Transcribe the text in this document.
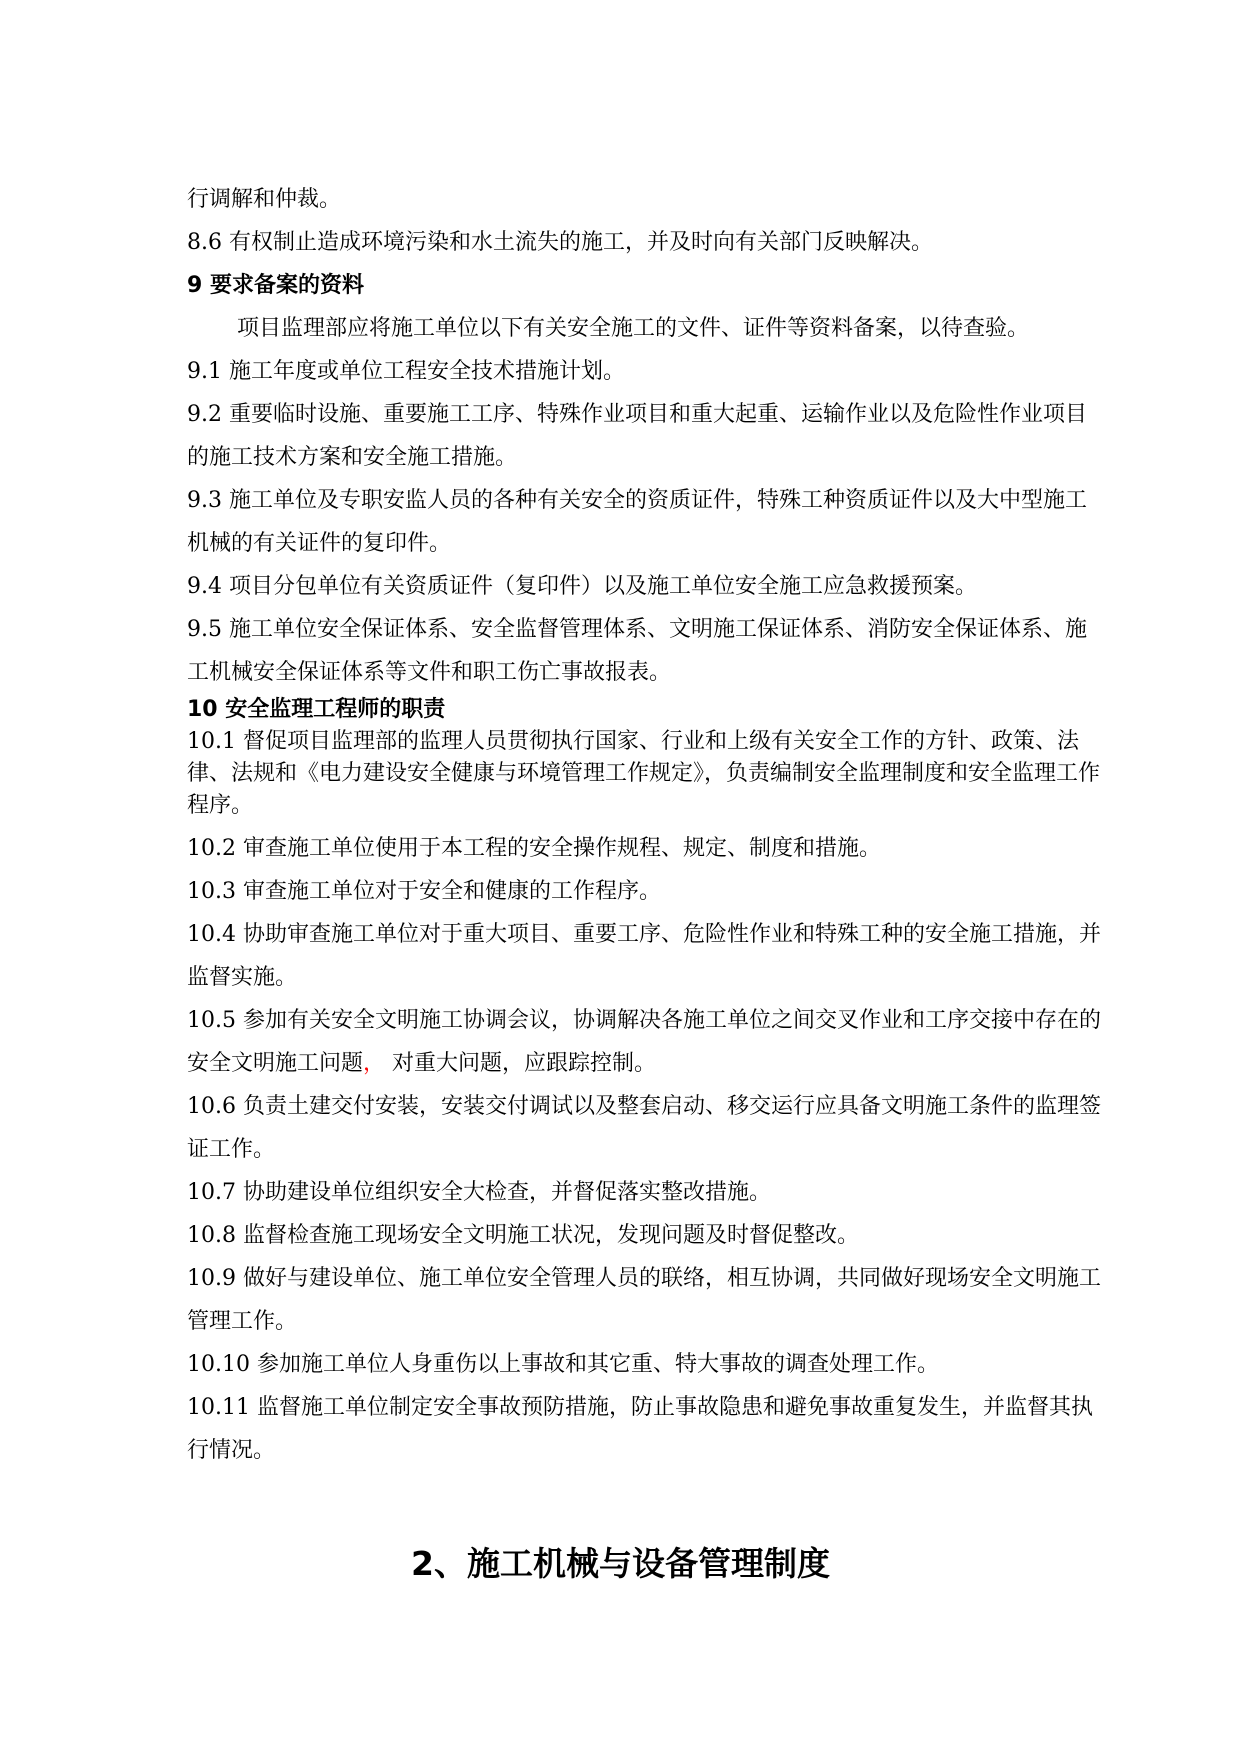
行调解和仲裁。

8.6 有权制止造成环境污染和水土流失的施工，并及时向有关部门反映解决。

9 要求备案的资料

项目监理部应将施工单位以下有关安全施工的文件、证件等资料备案，以待查验。

9.1 施工年度或单位工程安全技术措施计划。

9.2 重要临时设施、重要施工工序、特殊作业项目和重大起重、运输作业以及危险性作业项目的施工技术方案和安全施工措施。

9.3 施工单位及专职安监人员的各种有关安全的资质证件，特殊工种资质证件以及大中型施工机械的有关证件的复印件。

9.4 项目分包单位有关资质证件（复印件）以及施工单位安全施工应急救援预案。

9.5 施工单位安全保证体系、安全监督管理体系、文明施工保证体系、消防安全保证体系、施工机械安全保证体系等文件和职工伤亡事故报表。

10 安全监理工程师的职责

10.1 督促项目监理部的监理人员贯彻执行国家、行业和上级有关安全工作的方针、政策、法律、法规和《电力建设安全健康与环境管理工作规定》，负责编制安全监理制度和安全监理工作程序。

10.2 审查施工单位使用于本工程的安全操作规程、规定、制度和措施。

10.3 审查施工单位对于安全和健康的工作程序。

10.4 协助审查施工单位对于重大项目、重要工序、危险性作业和特殊工种的安全施工措施，并监督实施。

10.5 参加有关安全文明施工协调会议，协调解决各施工单位之间交叉作业和工序交接中存在的安全文明施工问题， 对重大问题，应跟踪控制。

10.6 负责土建交付安装，安装交付调试以及整套启动、移交运行应具备文明施工条件的监理签证工作。

10.7 协助建设单位组织安全大检查，并督促落实整改措施。

10.8 监督检查施工现场安全文明施工状况，发现问题及时督促整改。

10.9 做好与建设单位、施工单位安全管理人员的联络，相互协调，共同做好现场安全文明施工管理工作。

10.10 参加施工单位人身重伤以上事故和其它重、特大事故的调查处理工作。

10.11 监督施工单位制定安全事故预防措施，防止事故隐患和避免事故重复发生，并监督其执行情况。

2、施工机械与设备管理制度
